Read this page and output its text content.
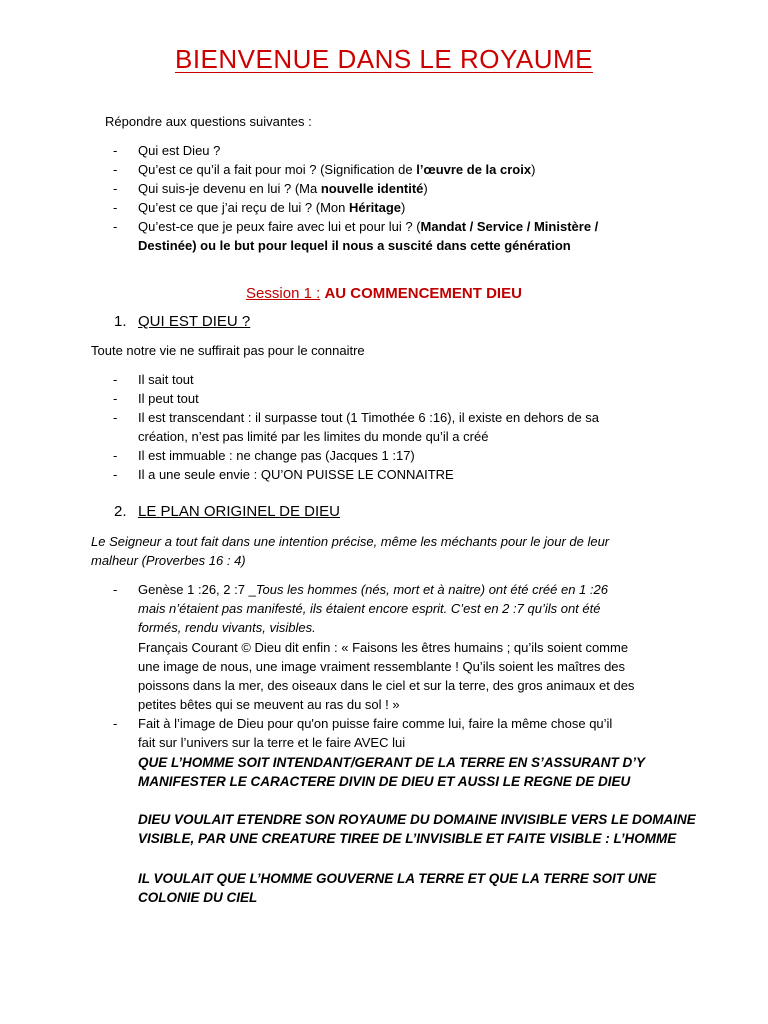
BIENVENUE DANS LE ROYAUME
Répondre aux questions suivantes :
- Qui est Dieu ?
- Qu’est ce qu’il a fait pour moi ? (Signification de l’œuvre de la croix)
- Qui suis-je devenu en lui ? (Ma nouvelle identité)
- Qu’est ce que j’ai reçu de lui ? (Mon Héritage)
- Qu’est-ce que je peux faire avec lui et pour lui ? (Mandat / Service / Ministère /
Destinée) ou le but pour lequel il nous a suscité dans cette génération
Session 1 : AU COMMENCEMENT DIEU
1. QUI EST DIEU ?
Toute notre vie ne suffirait pas pour le connaitre
- Il sait tout
- Il peut tout
- Il est transcendant : il surpasse tout (1 Timothée 6 :16), il existe en dehors de sa
création, n’est pas limité par les limites du monde qu’il a créé
- Il est immuable : ne change pas (Jacques 1 :17)
- Il a une seule envie : QU’ON PUISSE LE CONNAITRE
2. LE PLAN ORIGINEL DE DIEU
Le Seigneur a tout fait dans une intention précise, même les méchants pour le jour de leur
malheur (Proverbes 16 : 4)
- Genèse 1 :26, 2 :7 _Tous les hommes (nés, mort et à naitre) ont été créé en 1 :26
mais n’étaient pas manifesté, ils étaient encore esprit. C’est en 2 :7 qu’ils ont été
formés, rendu vivants, visibles.
Français Courant © Dieu dit enfin : « Faisons les êtres humains ; qu’ils soient comme
une image de nous, une image vraiment ressemblante ! Qu’ils soient les maîtres des
poissons dans la mer, des oiseaux dans le ciel et sur la terre, des gros animaux et des
petites bêtes qui se meuvent au ras du sol ! »
- Fait à l’image de Dieu pour qu'on puisse faire comme lui, faire la même chose qu’il
fait sur l’univers sur la terre et le faire AVEC lui
QUE L’HOMME SOIT INTENDANT/GERANT DE LA TERRE EN S’ASSURANT D’Y
MANIFESTER LE CARACTERE DIVIN DE DIEU ET AUSSI LE REGNE DE DIEU
DIEU VOULAIT ETENDRE SON ROYAUME DU DOMAINE INVISIBLE VERS LE DOMAINE
VISIBLE, PAR UNE CREATURE TIREE DE L’INVISIBLE ET FAITE VISIBLE : L’HOMME
IL VOULAIT QUE L’HOMME GOUVERNE LA TERRE ET QUE LA TERRE SOIT UNE
COLONIE DU CIEL
